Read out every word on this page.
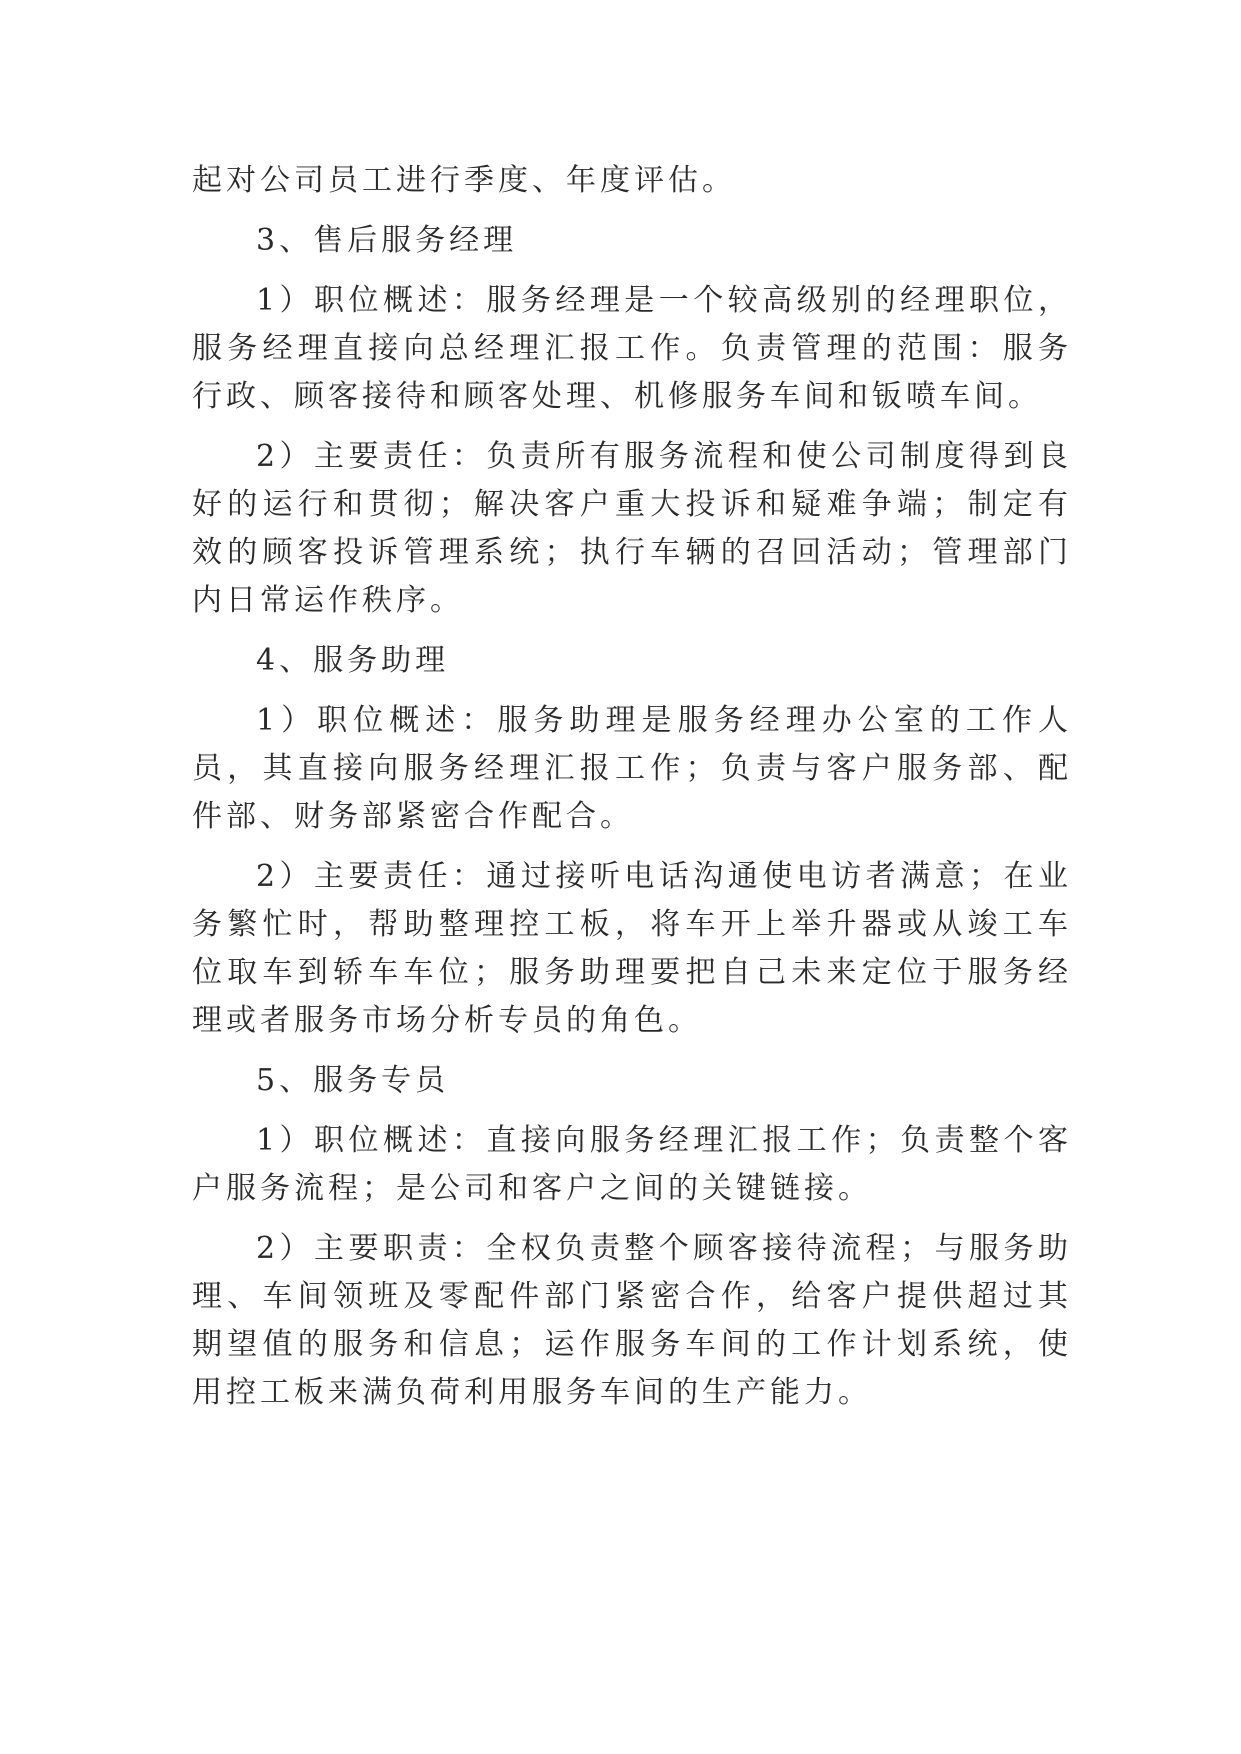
起对公司员工进行季度、年度评估。

3、售后服务经理

1）职位概述：服务经理是一个较高级别的经理职位，服务经理直接向总经理汇报工作。负责管理的范围：服务行政、顾客接待和顾客处理、机修服务车间和钣喷车间。

2）主要责任：负责所有服务流程和使公司制度得到良好的运行和贯彻；解决客户重大投诉和疑难争端；制定有效的顾客投诉管理系统；执行车辆的召回活动；管理部门内日常运作秩序。

4、服务助理

1）职位概述：服务助理是服务经理办公室的工作人员，其直接向服务经理汇报工作；负责与客户服务部、配件部、财务部紧密合作配合。

2）主要责任：通过接听电话沟通使电访者满意；在业务繁忙时，帮助整理控工板，将车开上举升器或从竣工车位取车到轿车车位；服务助理要把自己未来定位于服务经理或者服务市场分析专员的角色。

5、服务专员

1）职位概述：直接向服务经理汇报工作；负责整个客户服务流程；是公司和客户之间的关键链接。

2）主要职责：全权负责整个顾客接待流程；与服务助理、车间领班及零配件部门紧密合作，给客户提供超过其期望值的服务和信息；运作服务车间的工作计划系统，使用控工板来满负荷利用服务车间的生产能力。
